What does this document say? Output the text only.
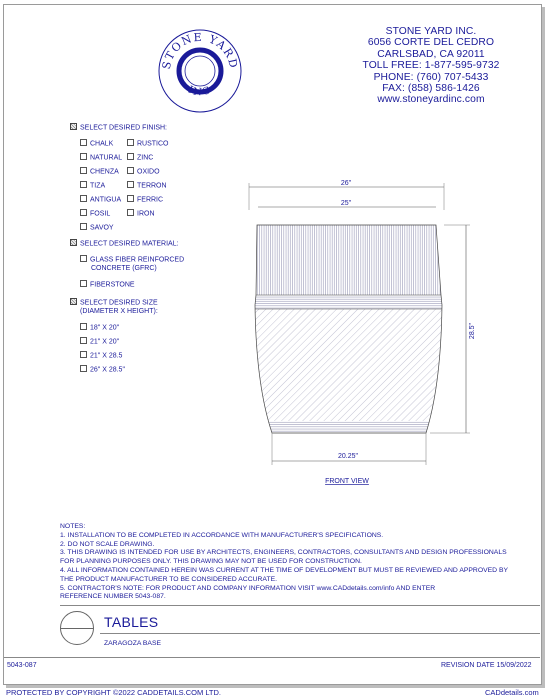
STONE YARD
INC
STONE YARD INC.
6056 CORTE DEL CEDRO
CARLSBAD, CA 92011
TOLL FREE: 1-877-595-9732
PHONE: (760) 707-5433
FAX: (858) 586-1426
www.stoneyardinc.com
SELECT DESIRED FINISH:
CHALK
NATURAL
CHENZA
TIZA
ANTIGUA
FOSIL
SAVOY
RUSTICO
ZINC
OXIDO
TERRON
FERRIC
IRON
SELECT DESIRED MATERIAL:
GLASS FIBER REINFORCED
CONCRETE (GFRC)
FIBERSTONE
SELECT DESIRED SIZE
(DIAMETER X HEIGHT):
18" X 20"
21" X 20"
21" X 28.5
26" X 28.5"
26"
25"
28.5"
20.25"
FRONT VIEW
NOTES:
1. INSTALLATION TO BE COMPLETED IN ACCORDANCE WITH MANUFACTURER'S SPECIFICATIONS.
2. DO NOT SCALE DRAWING.
3. THIS DRAWING IS INTENDED FOR USE BY ARCHITECTS, ENGINEERS, CONTRACTORS, CONSULTANTS AND DESIGN PROFESSIONALS
FOR PLANNING PURPOSES ONLY. THIS DRAWING MAY NOT BE USED FOR CONSTRUCTION.
4. ALL INFORMATION CONTAINED HEREIN WAS CURRENT AT THE TIME OF DEVELOPMENT BUT MUST BE REVIEWED AND APPROVED BY
THE PRODUCT MANUFACTURER TO BE CONSIDERED ACCURATE.
5. CONTRACTOR'S NOTE: FOR PRODUCT AND COMPANY INFORMATION VISIT www.CADdetails.com/info AND ENTER
REFERENCE NUMBER 5043-087.
TABLES
ZARAGOZA BASE
5043-087	REVISION DATE 15/09/2022
PROTECTED BY COPYRIGHT ©2022 CADDETAILS.COM LTD.	CADdetails.com
